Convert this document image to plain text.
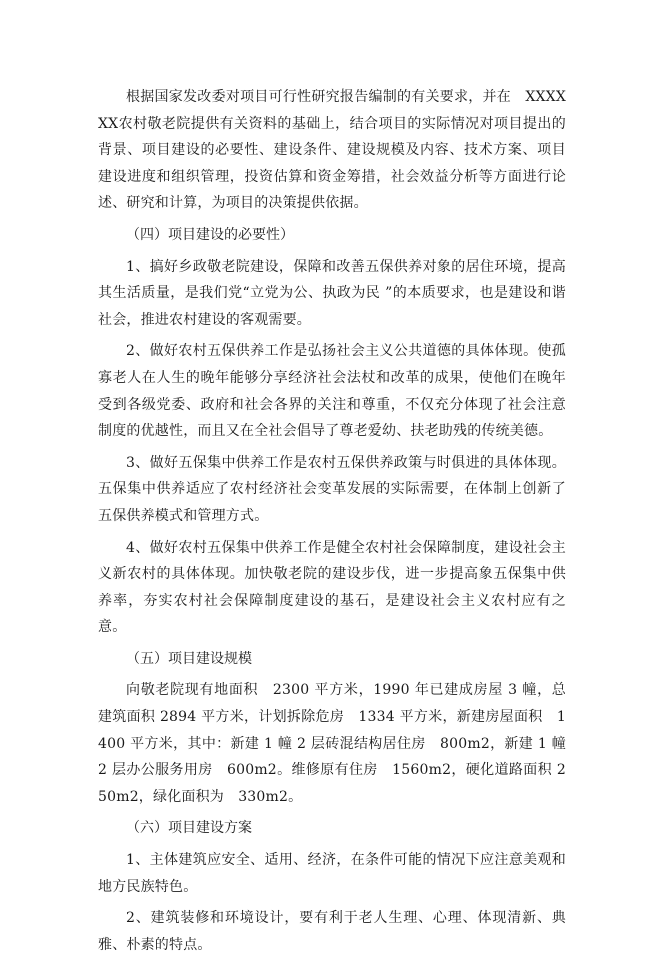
根据国家发改委对项目可行性研究报告编制的有关要求，并在　XXXXXX农村敬老院提供有关资料的基础上，结合项目的实际情况对项目提出的背景、项目建设的必要性、建设条件、建设规模及内容、技术方案、项目建设进度和组织管理，投资估算和资金筹措，社会效益分析等方面进行论述、研究和计算，为项目的决策提供依据。

（四）项目建设的必要性）

1、搞好乡政敬老院建设，保障和改善五保供养对象的居住环境，提高其生活质量，是我们党“立党为公、执政为民 ”的本质要求，也是建设和谐社会，推进农村建设的客观需要。

2、做好农村五保供养工作是弘扬社会主义公共道德的具体体现。使孤寡老人在人生的晚年能够分享经济社会法杖和改革的成果，使他们在晚年受到各级党委、政府和社会各界的关注和尊重，不仅充分体现了社会注意制度的优越性，而且又在全社会倡导了尊老爱幼、扶老助残的传统美德。

3、做好五保集中供养工作是农村五保供养政策与时俱进的具体体现。五保集中供养适应了农村经济社会变革发展的实际需要，在体制上创新了五保供养模式和管理方式。

4、做好农村五保集中供养工作是健全农村社会保障制度，建设社会主义新农村的具体体现。加快敬老院的建设步伐，进一步提高象五保集中供养率，夯实农村社会保障制度建设的基石，是建设社会主义农村应有之意。

（五）项目建设规模

向敬老院现有地面积　2300 平方米，1990 年已建成房屋 3 幢，总建筑面积 2894 平方米，计划拆除危房　1334 平方米，新建房屋面积　1400 平方米，其中：新建 1 幢 2 层砖混结构居住房　800m2，新建 1 幢 2 层办公服务用房　600m2。维修原有住房　1560m2，硬化道路面积 250m2，绿化面积为　330m2。

（六）项目建设方案

1、主体建筑应安全、适用、经济，在条件可能的情况下应注意美观和地方民族特色。

2、建筑装修和环境设计，要有利于老人生理、心理、体现清新、典雅、朴素的特点。
